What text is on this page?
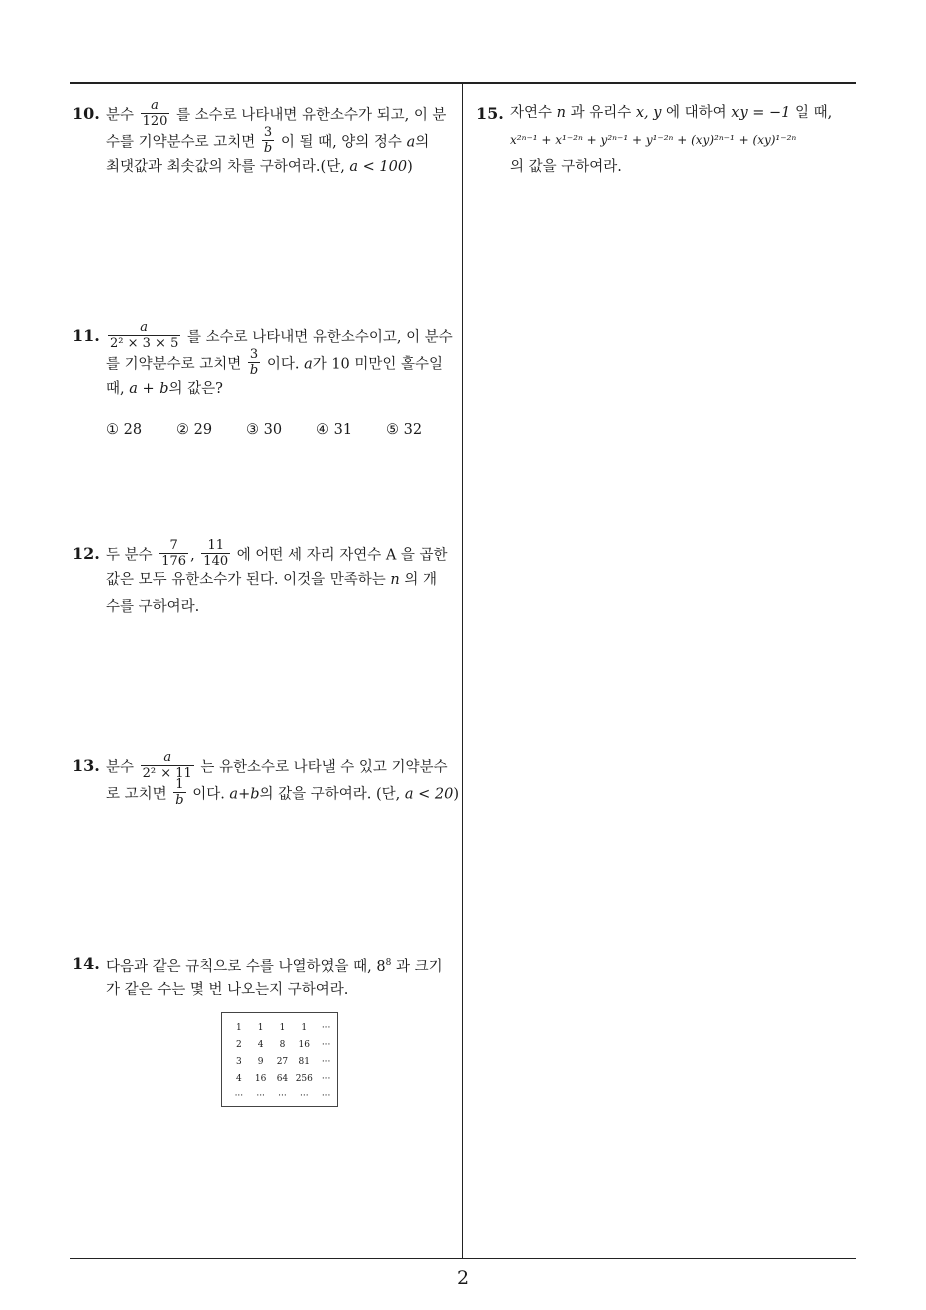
10. 분수 $\frac{a}{120}$ 를 소수로 나타내면 유한소수가 되고, 이 분
수를 기약분수로 고치면 $\frac{3}{b}$ 이 될 때, 양의 정수 a의
최댓값과 최솟값의 차를 구하여라.(단, a < 100)
11. $\frac{a}{\text{2² × 3 × 5}}$ 를 소수로 나타내면 유한소수이고, 이 분수
를 기약분수로 고치면 $\frac{3}{b}$ 이다. a가 10 미만인 홀수일
때, a + b의 값은?
① 28 ② 29 ③ 30 ④ 31 ⑤ 32
12. 두 분수 $\frac{7}{176}$ , $\frac{11}{140}$ 에 어떤 세 자리 자연수 A 을 곱한
값은 모두 유한소수가 된다. 이것을 만족하는 n 의 개
수를 구하여라.
13. 분수 $\frac{a}{\text{2² × 11}}$ 는 유한소수로 나타낼 수 있고 기약분수
로 고치면 $\frac{1}{b}$ 이다. a+b의 값을 구하여라. (단, a < 20)
14. 다음과 같은 규칙으로 수를 나열하였을 때, $8^8$ 과 크기
가 같은 수는 몇 번 나오는지 구하여라.
1	1	1	1	···
2	4	8	16	···
3	9	27	81	···
4	16	64	256	···
···	···	···	···	···
15. 자연수 n 과 유리수 x, y 에 대하여 xy = −1 일 때,
x²ⁿ⁻¹ + x¹⁻²ⁿ + y²ⁿ⁻¹ + y¹⁻²ⁿ + (xy)²ⁿ⁻¹ + (xy)¹⁻²ⁿ
의 값을 구하여라.
2
